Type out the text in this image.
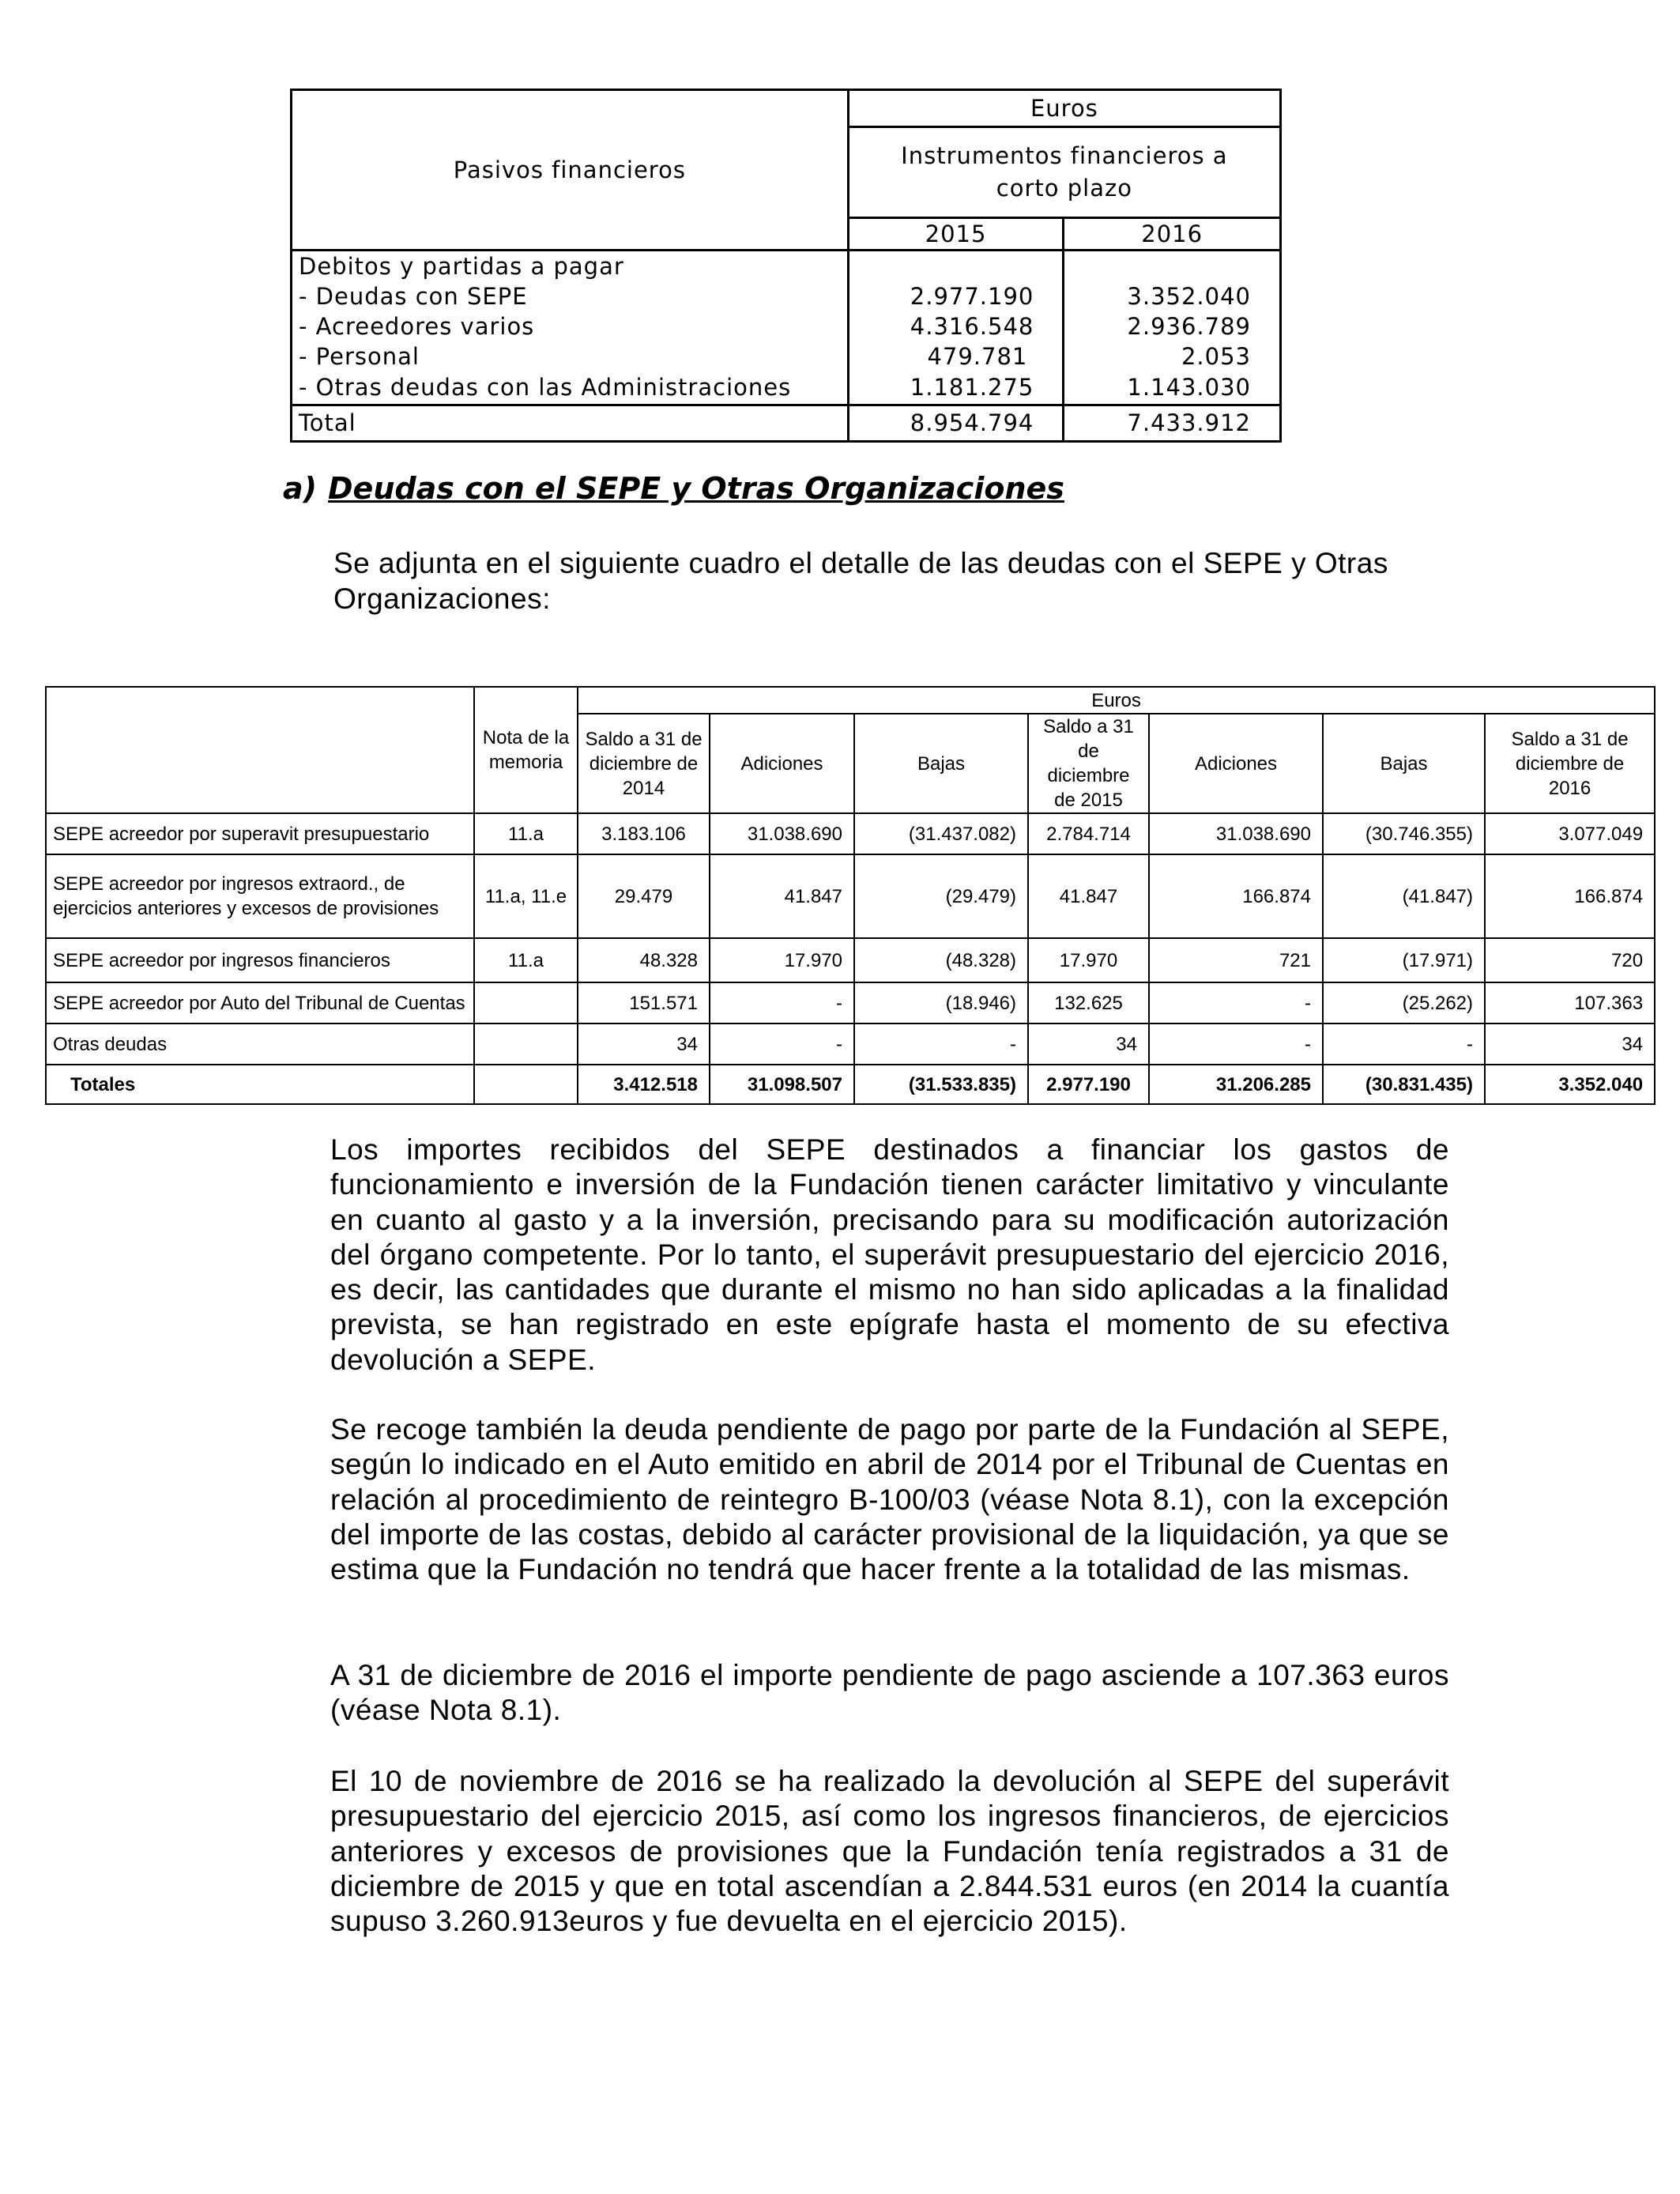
Pasivos financieros	Euros	
	Instrumentos financieros a corto plazo	
	2015	2016
Debitos y partidas a pagar		
- Deudas con SEPE	2.977.190	3.352.040
- Acreedores varios	4.316.548	2.936.789
- Personal	479.781	2.053
- Otras deudas con las Administraciones	1.181.275	1.143.030
Total	8.954.794	7.433.912
a) Deudas con el SEPE y Otras Organizaciones
Se adjunta en el siguiente cuadro el detalle de las deudas con el SEPE y Otras Organizaciones:
	Nota de la memoria	Euros						
		Saldo a 31 de diciembre de 2014	Adiciones	Bajas	Saldo a 31 de diciembre de 2015	Adiciones	Bajas	Saldo a 31 de diciembre de 2016
SEPE acreedor por superavit presupuestario	11.a	3.183.106	31.038.690	(31.437.082)	2.784.714	31.038.690	(30.746.355)	3.077.049
SEPE acreedor por ingresos extraord., de ejercicios anteriores y excesos de provisiones	11.a, 11.e	29.479	41.847	(29.479)	41.847	166.874	(41.847)	166.874
SEPE acreedor por ingresos financieros	11.a	48.328	17.970	(48.328)	17.970	721	(17.971)	720
SEPE acreedor por Auto del Tribunal de Cuentas		151.571	-	(18.946)	132.625	-	(25.262)	107.363
Otras deudas		34	-	-	34	-	-	34
Totales		3.412.518	31.098.507	(31.533.835)	2.977.190	31.206.285	(30.831.435)	3.352.040
Los importes recibidos del SEPE destinados a financiar los gastos de funcionamiento e inversión de la Fundación tienen carácter limitativo y vinculante en cuanto al gasto y a la inversión, precisando para su modificación autorización del órgano competente. Por lo tanto, el superávit presupuestario del ejercicio 2016, es decir, las cantidades que durante el mismo no han sido aplicadas a la finalidad prevista, se han registrado en este epígrafe hasta el momento de su efectiva devolución a SEPE.
Se recoge también la deuda pendiente de pago por parte de la Fundación al SEPE, según lo indicado en el Auto emitido en abril de 2014 por el Tribunal de Cuentas en relación al procedimiento de reintegro B-100/03 (véase Nota 8.1), con la excepción del importe de las costas, debido al carácter provisional de la liquidación, ya que se estima que la Fundación no tendrá que hacer frente a la totalidad de las mismas.
A 31 de diciembre de 2016 el importe pendiente de pago asciende a 107.363 euros (véase Nota 8.1).
El 10 de noviembre de 2016 se ha realizado la devolución al SEPE del superávit presupuestario del ejercicio 2015, así como los ingresos financieros, de ejercicios anteriores y excesos de provisiones que la Fundación tenía registrados a 31 de diciembre de 2015 y que en total ascendían a 2.844.531 euros (en 2014 la cuantía supuso 3.260.913euros y fue devuelta en el ejercicio 2015).
